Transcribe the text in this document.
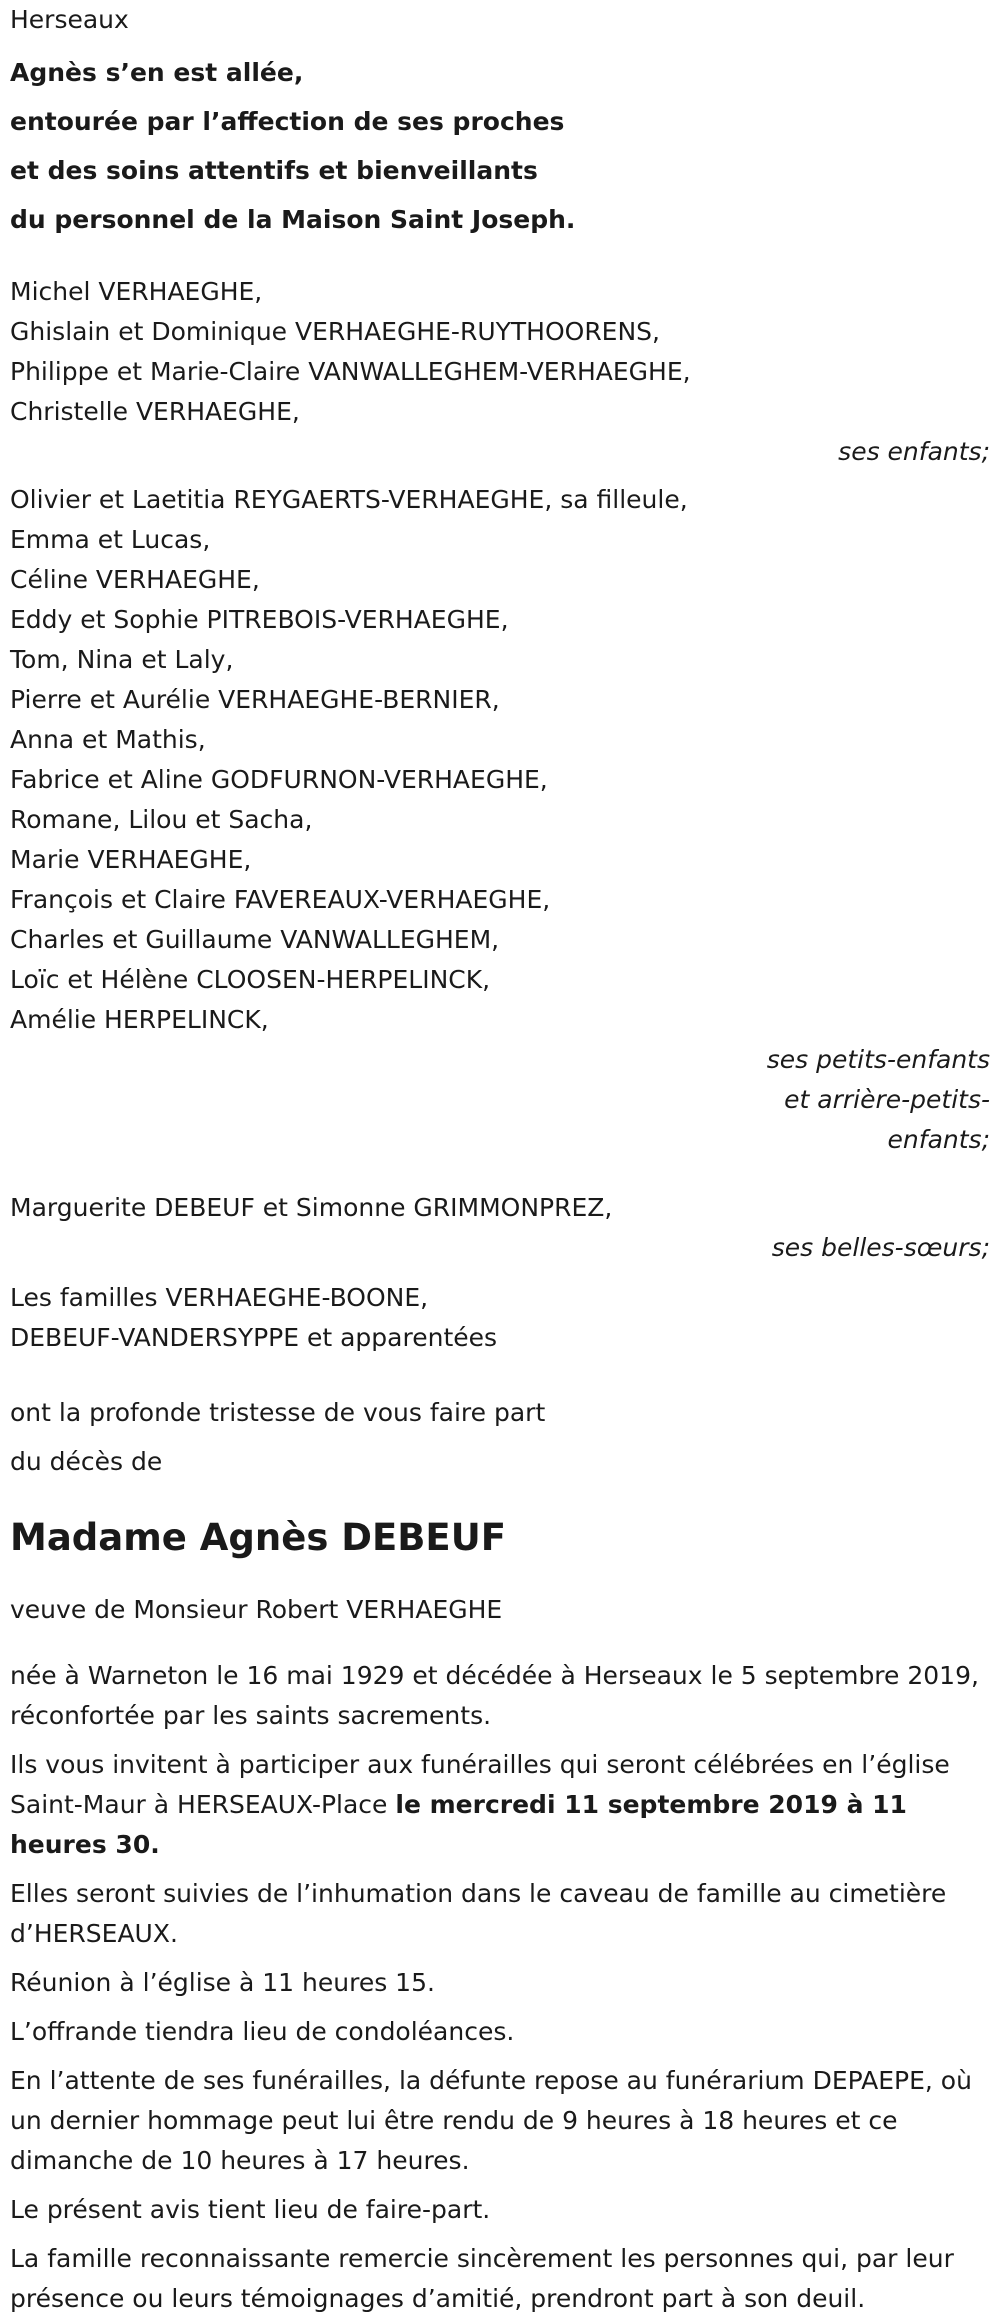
Herseaux
Agnès s’en est allée,
entourée par l’affection de ses proches
et des soins attentifs et bienveillants
du personnel de la Maison Saint Joseph.
Michel VERHAEGHE,
Ghislain et Dominique VERHAEGHE-RUYTHOORENS,
Philippe et Marie-Claire VANWALLEGHEM-VERHAEGHE,
Christelle VERHAEGHE,
ses enfants;
Olivier et Laetitia REYGAERTS-VERHAEGHE, sa filleule,
Emma et Lucas,
Céline VERHAEGHE,
Eddy et Sophie PITREBOIS-VERHAEGHE,
Tom, Nina et Laly,
Pierre et Aurélie VERHAEGHE-BERNIER,
Anna et Mathis,
Fabrice et Aline GODFURNON-VERHAEGHE,
Romane, Lilou et Sacha,
Marie VERHAEGHE,
François et Claire FAVEREAUX-VERHAEGHE,
Charles et Guillaume VANWALLEGHEM,
Loïc et Hélène CLOOSEN-HERPELINCK,
Amélie HERPELINCK,
ses petits-enfants
et arrière-petits-
enfants;
Marguerite DEBEUF et Simonne GRIMMONPREZ,
ses belles-sœurs;
Les familles VERHAEGHE-BOONE,
DEBEUF-VANDERSYPPE et apparentées
ont la profonde tristesse de vous faire part
du décès de
Madame Agnès DEBEUF
veuve de Monsieur Robert VERHAEGHE
née à Warneton le 16 mai 1929 et décédée à Herseaux le 5 septembre 2019, réconfortée par les saints sacrements.
Ils vous invitent à participer aux funérailles qui seront célébrées en l’église Saint-Maur à HERSEAUX-Place le mercredi 11 septembre 2019 à 11 heures 30.
Elles seront suivies de l’inhumation dans le caveau de famille au cimetière d’HERSEAUX.
Réunion à l’église à 11 heures 15.
L’offrande tiendra lieu de condoléances.
En l’attente de ses funérailles, la défunte repose au funérarium DEPAEPE, où un dernier hommage peut lui être rendu de 9 heures à 18 heures et ce dimanche de 10 heures à 17 heures.
Le présent avis tient lieu de faire-part.
La famille reconnaissante remercie sincèrement les personnes qui, par leur présence ou leurs témoignages d’amitié, prendront part à son deuil.
